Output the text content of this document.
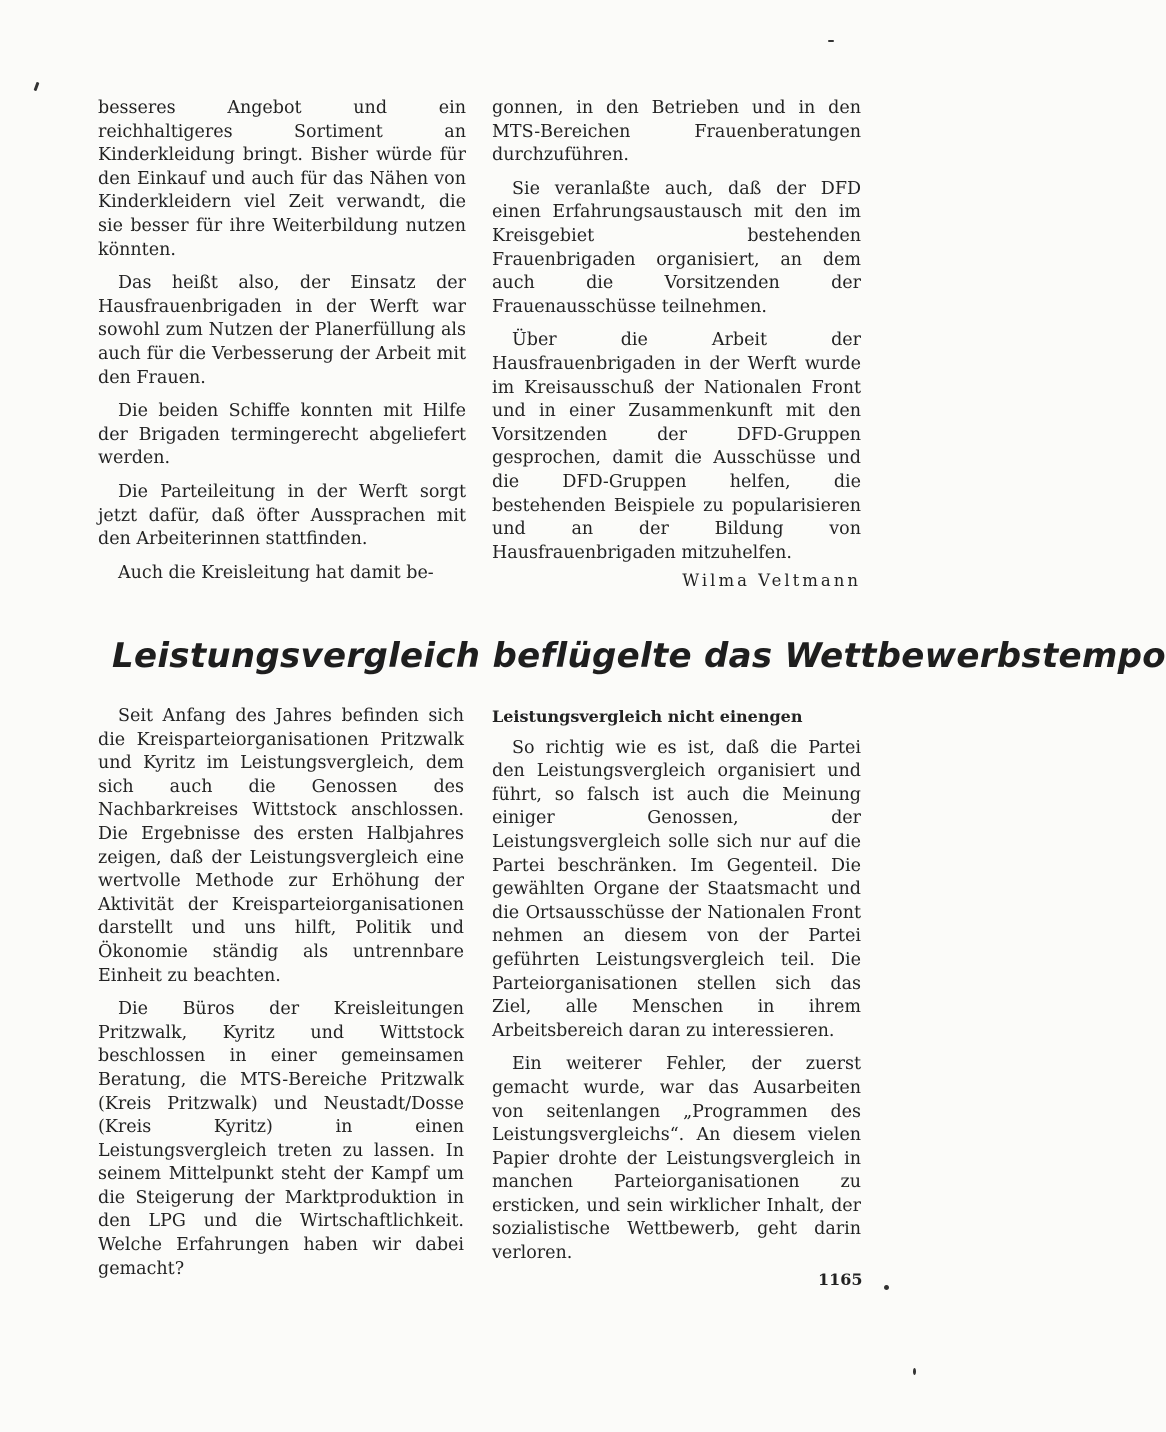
besseres Angebot und ein reichhaltigeres Sortiment an Kinderkleidung bringt. Bisher würde für den Einkauf und auch für das Nähen von Kinderkleidern viel Zeit verwandt, die sie besser für ihre Weiterbildung nutzen könnten.

Das heißt also, der Einsatz der Hausfrauenbrigaden in der Werft war sowohl zum Nutzen der Planerfüllung als auch für die Verbesserung der Arbeit mit den Frauen.

Die beiden Schiffe konnten mit Hilfe der Brigaden termingerecht abgeliefert werden.

Die Parteileitung in der Werft sorgt jetzt dafür, daß öfter Aussprachen mit den Arbeiterinnen stattfinden.

Auch die Kreisleitung hat damit be-

gonnen, in den Betrieben und in den MTS-Bereichen Frauenberatungen durchzuführen.

Sie veranlaßte auch, daß der DFD einen Erfahrungsaustausch mit den im Kreisgebiet bestehenden Frauenbrigaden organisiert, an dem auch die Vorsitzenden der Frauenausschüsse teilnehmen.

Über die Arbeit der Hausfrauenbrigaden in der Werft wurde im Kreisausschuß der Nationalen Front und in einer Zusammenkunft mit den Vorsitzenden der DFD-Gruppen gesprochen, damit die Ausschüsse und die DFD-Gruppen helfen, die bestehenden Beispiele zu popularisieren und an der Bildung von Hausfrauenbrigaden mitzuhelfen.

Wilma Veltmann
Leistungsvergleich beflügelte das Wettbewerbstempo

Seit Anfang des Jahres befinden sich die Kreisparteiorganisationen Pritzwalk und Kyritz im Leistungsvergleich, dem sich auch die Genossen des Nachbarkreises Wittstock anschlossen. Die Ergebnisse des ersten Halbjahres zeigen, daß der Leistungsvergleich eine wertvolle Methode zur Erhöhung der Aktivität der Kreisparteiorganisationen darstellt und uns hilft, Politik und Ökonomie ständig als untrennbare Einheit zu beachten.

Die Büros der Kreisleitungen Pritzwalk, Kyritz und Wittstock beschlossen in einer gemeinsamen Beratung, die MTS-Bereiche Pritzwalk (Kreis Pritzwalk) und Neustadt/Dosse (Kreis Kyritz) in einen Leistungsvergleich treten zu lassen. In seinem Mittelpunkt steht der Kampf um die Steigerung der Marktproduktion in den LPG und die Wirtschaftlichkeit. Welche Erfahrungen haben wir dabei gemacht?

Leistungsvergleich nicht einengen

So richtig wie es ist, daß die Partei den Leistungsvergleich organisiert und führt, so falsch ist auch die Meinung einiger Genossen, der Leistungsvergleich solle sich nur auf die Partei beschränken. Im Gegenteil. Die gewählten Organe der Staatsmacht und die Ortsausschüsse der Nationalen Front nehmen an diesem von der Partei geführten Leistungsvergleich teil. Die Parteiorganisationen stellen sich das Ziel, alle Menschen in ihrem Arbeitsbereich daran zu interessieren.

Ein weiterer Fehler, der zuerst gemacht wurde, war das Ausarbeiten von seitenlangen „Programmen des Leistungsvergleichs“. An diesem vielen Papier drohte der Leistungsvergleich in manchen Parteiorganisationen zu ersticken, und sein wirklicher Inhalt, der sozialistische Wettbewerb, geht darin verloren.

1165
